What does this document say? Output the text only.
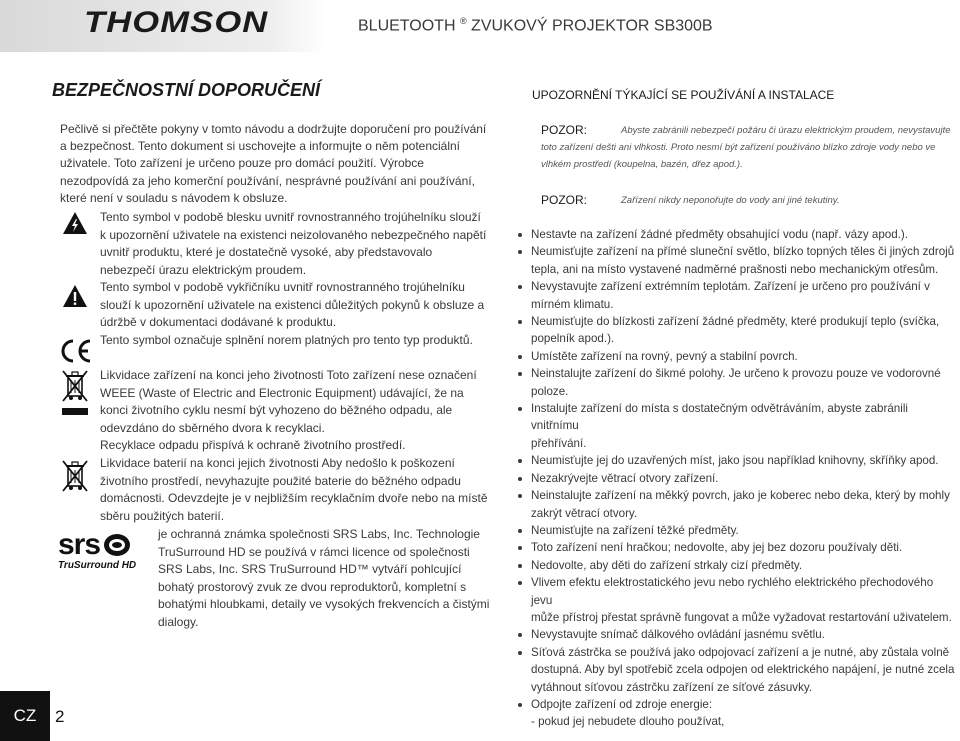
THOMSON	BLUETOOTH ® ZVUKOVÝ PROJEKTOR SB300B
BEZPEČNOSTNÍ DOPORUČENÍ	UPOZORNĚNÍ TÝKAJÍCÍ SE POUŽÍVÁNÍ A INSTALACE

Pečlivě si přečtěte pokyny v tomto návodu a dodržujte doporučení pro používání a bezpečnost. Tento dokument si uschovejte a informujte o něm potenciální uživatele. Toto zařízení je určeno pouze pro domácí použití. Výrobce nezodpovídá za jeho komerční používání, nesprávné používání ani používání, které není v souladu s návodem k obsluze.

Tento symbol v podobě blesku uvnitř rovnostranného trojúhelníku slouží k upozornění uživatele na existenci neizolovaného nebezpečného napětí uvnitř produktu, které je dostatečně vysoké, aby představovalo nebezpečí úrazu elektrickým proudem.

Tento symbol v podobě vykřičníku uvnitř rovnostranného trojúhelníku slouží k upozornění uživatele na existenci důležitých pokynů k obsluze a údržbě v dokumentaci dodávané k produktu.

Tento symbol označuje splnění norem platných pro tento typ produktů.

Likvidace zařízení na konci jeho životnosti Toto zařízení nese označení WEEE (Waste of Electric and Electronic Equipment) udávající, že na konci životního cyklu nesmí být vyhozeno do běžného odpadu, ale odevzdáno do sběrného dvora k recyklaci.

Recyklace odpadu přispívá k ochraně životního prostředí.

Likvidace baterií na konci jejich životnosti Aby nedošlo k poškození životního prostředí, nevyhazujte použité baterie do běžného odpadu domácnosti. Odevzdejte je v nejbližším recyklačním dvoře nebo na místě sběru použitých baterií.

srs
TruSurround HD
je ochranná známka společnosti SRS Labs, Inc. Technologie TruSurround HD se používá v rámci licence od společnosti SRS Labs, Inc. SRS TruSurround HD™ vytváří pohlcující bohatý prostorový zvuk ze dvou reproduktorů, kompletní s bohatými hloubkami, detaily ve vysokých frekvencích a čistými dialogy.
POZOR:	Abyste zabránili nebezpečí požáru či úrazu elektrickým proudem, nevystavujte
toto zařízení dešti ani vlhkosti. Proto nesmí být zařízení používáno blízko zdroje vody nebo ve
vlhkém prostředí (koupelna, bazén, dřez apod.).
POZOR:	Zařízení nikdy neponořujte do vody ani jiné tekutiny.
Nestavte na zařízení žádné předměty obsahující vodu (např. vázy apod.).
Neumisťujte zařízení na přímé sluneční světlo, blízko topných těles či jiných zdrojů
tepla, ani na místo vystavené nadměrné prašnosti nebo mechanickým otřesům.
Nevystavujte zařízení extrémním teplotám. Zařízení je určeno pro používání v mírném klimatu.
Neumisťujte do blízkosti zařízení žádné předměty, které produkují teplo (svíčka,
popelník apod.).
Umístěte zařízení na rovný, pevný a stabilní povrch.
Neinstalujte zařízení do šikmé polohy. Je určeno k provozu pouze ve vodorovné poloze.
Instalujte zařízení do místa s dostatečným odvětráváním, abyste zabránili vnitřnímu
přehřívání.
Neumisťujte jej do uzavřených míst, jako jsou například knihovny, skříňky apod.
Nezakrývejte větrací otvory zařízení.
Neinstalujte zařízení na měkký povrch, jako je koberec nebo deka, který by mohly
zakrýt větrací otvory.
Neumisťujte na zařízení těžké předměty.
Toto zařízení není hračkou; nedovolte, aby jej bez dozoru používaly děti.
Nedovolte, aby děti do zařízení strkaly cizí předměty.
Vlivem efektu elektrostatického jevu nebo rychlého elektrického přechodového jevu
může přístroj přestat správně fungovat a může vyžadovat restartování uživatelem.
Nevystavujte snímač dálkového ovládání jasnému světlu.
Síťová zástrčka se používá jako odpojovací zařízení a je nutné, aby zůstala volně
dostupná. Aby byl spotřebič zcela odpojen od elektrického napájení, je nutné zcela
vytáhnout síťovou zástrčku zařízení ze síťové zásuvky.
Odpojte zařízení od zdroje energie:
- pokud jej nebudete dlouho používat,
CZ	2
